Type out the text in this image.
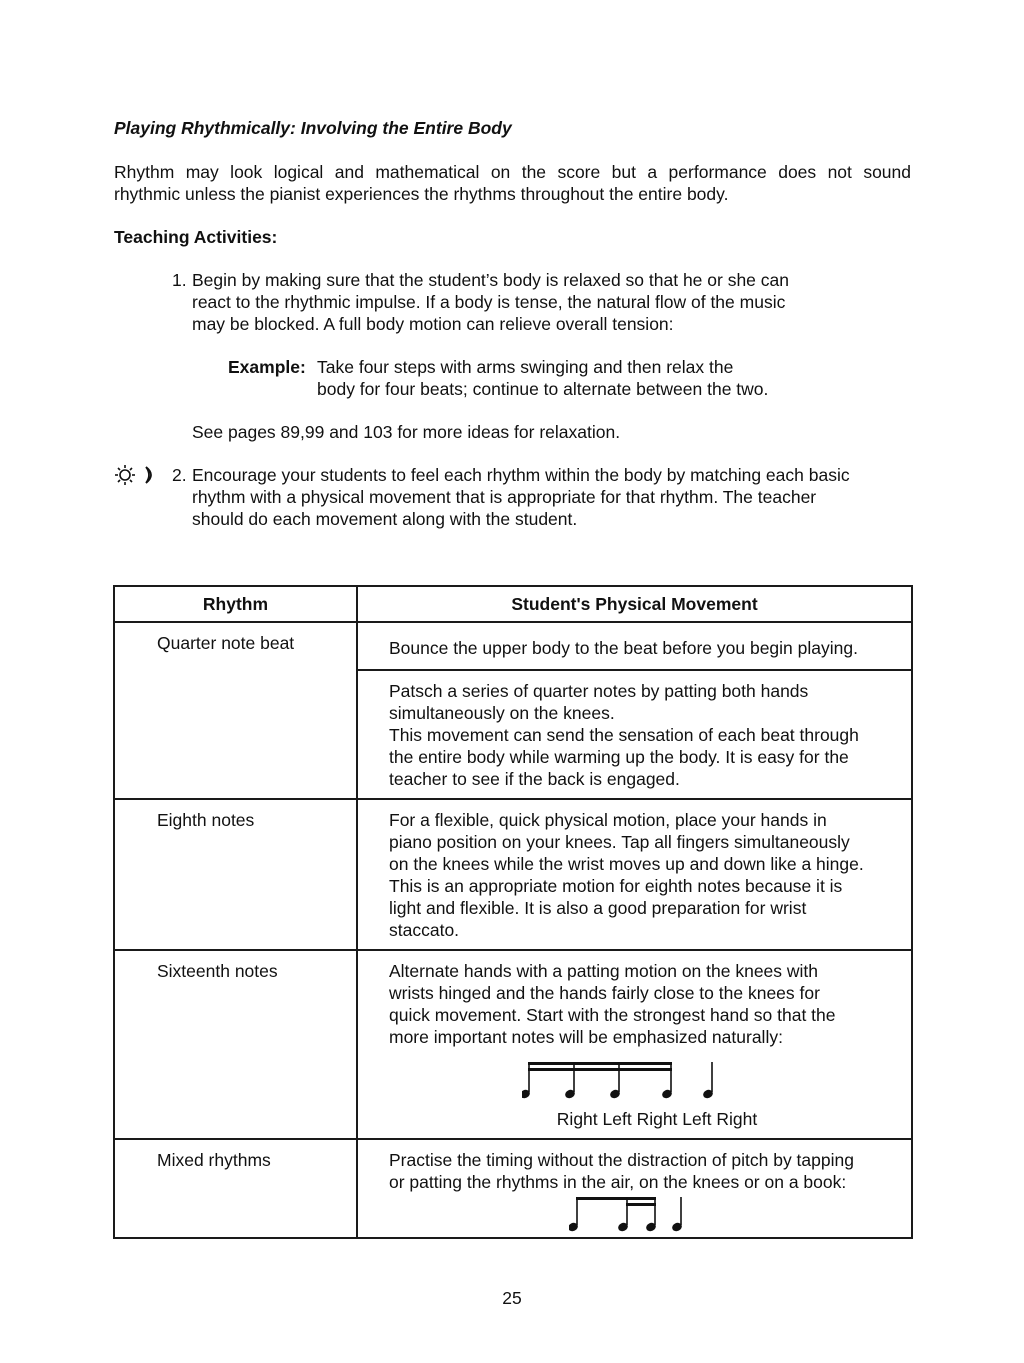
Playing Rhythmically: Involving the Entire Body
Rhythm may look logical and mathematical on the score but a performance does not sound
rhythmic unless the pianist experiences the rhythms throughout the entire body.
Teaching Activities:
1. Begin by making sure that the student’s body is relaxed so that he or she can
react to the rhythmic impulse. If a body is tense, the natural flow of the music
may be blocked. A full body motion can relieve overall tension:
Example: Take four steps with arms swinging and then relax the
body for four beats; continue to alternate between the two.
See pages 89,99 and 103 for more ideas for relaxation.
2. Encourage your students to feel each rhythm within the body by matching each basic
rhythm with a physical movement that is appropriate for that rhythm. The teacher
should do each movement along with the student.
Rhythm	Student's Physical Movement
Quarter note beat	Bounce the upper body to the beat before you begin playing.

	Patsch a series of quarter notes by patting both hands
simultaneously on the knees.
This movement can send the sensation of each beat through
the entire body while warming up the body. It is easy for the
teacher to see if the back is engaged.

Eighth notes	For a flexible, quick physical motion, place your hands in
piano position on your knees. Tap all fingers simultaneously
on the knees while the wrist moves up and down like a hinge.
This is an appropriate motion for eighth notes because it is
light and flexible. It is also a good preparation for wrist
staccato.

Sixteenth notes	Alternate hands with a patting motion on the knees with
wrists hinged and the hands fairly close to the knees for
quick movement. Start with the strongest hand so that the
more important notes will be emphasized naturally:
Right Left Right Left Right

Mixed rhythms	Practise the timing without the distraction of pitch by tapping
or patting the rhythms in the air, on the knees or on a book:
25
